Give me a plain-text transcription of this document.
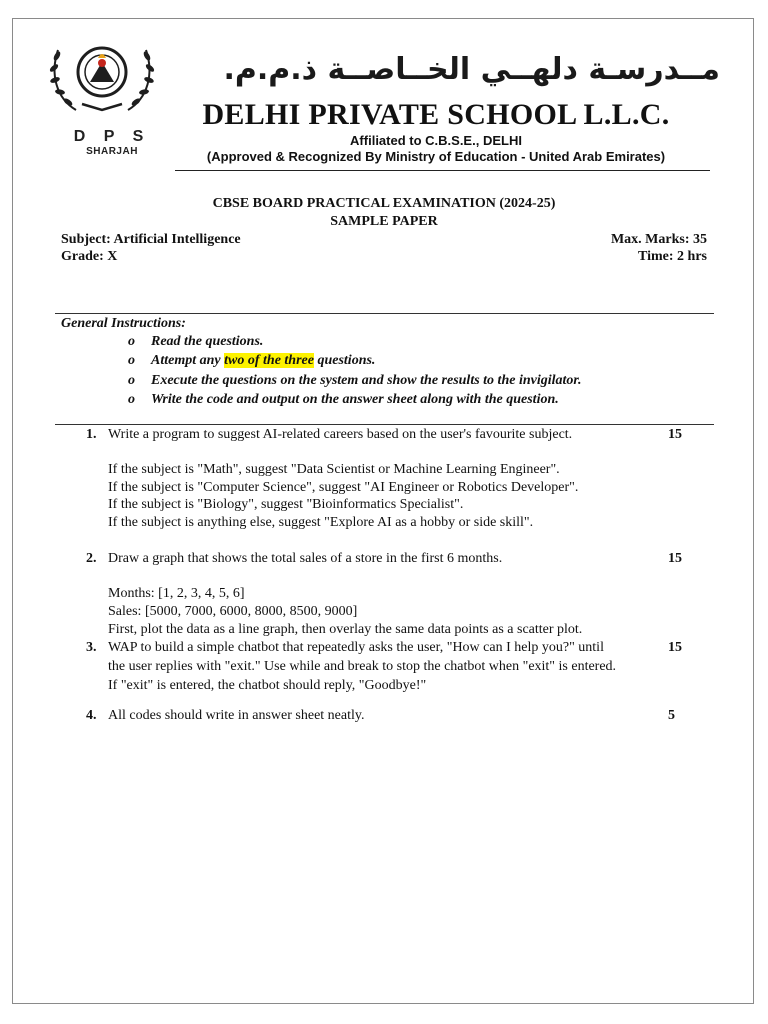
D P S
SHARJAH
مــدرسـة دلهــي الخــاصــة ذ.م.م.
DELHI PRIVATE SCHOOL L.L.C.
Affiliated to C.B.S.E., DELHI
(Approved & Recognized By Ministry of Education - United Arab Emirates)
CBSE BOARD PRACTICAL EXAMINATION (2024-25)
SAMPLE PAPER
Subject: Artificial Intelligence	Max. Marks: 35
Grade: X	Time: 2 hrs
General Instructions:
o Read the questions.
o Attempt any two of the three questions.
o Execute the questions on the system and show the results to the invigilator.
o Write the code and output on the answer sheet along with the question.
1. Write a program to suggest AI-related careers based on the user's favourite subject.	15
If the subject is "Math", suggest "Data Scientist or Machine Learning Engineer".
If the subject is "Computer Science", suggest "AI Engineer or Robotics Developer".
If the subject is "Biology", suggest "Bioinformatics Specialist".
If the subject is anything else, suggest "Explore AI as a hobby or side skill".
2. Draw a graph that shows the total sales of a store in the first 6 months.	15
Months: [1, 2, 3, 4, 5, 6]
Sales: [5000, 7000, 6000, 8000, 8500, 9000]
First, plot the data as a line graph, then overlay the same data points as a scatter plot.
3. WAP to build a simple chatbot that repeatedly asks the user, "How can I help you?" until	15
the user replies with "exit." Use while and break to stop the chatbot when "exit" is entered.
If "exit" is entered, the chatbot should reply, "Goodbye!"
4. All codes should write in answer sheet neatly.	5
